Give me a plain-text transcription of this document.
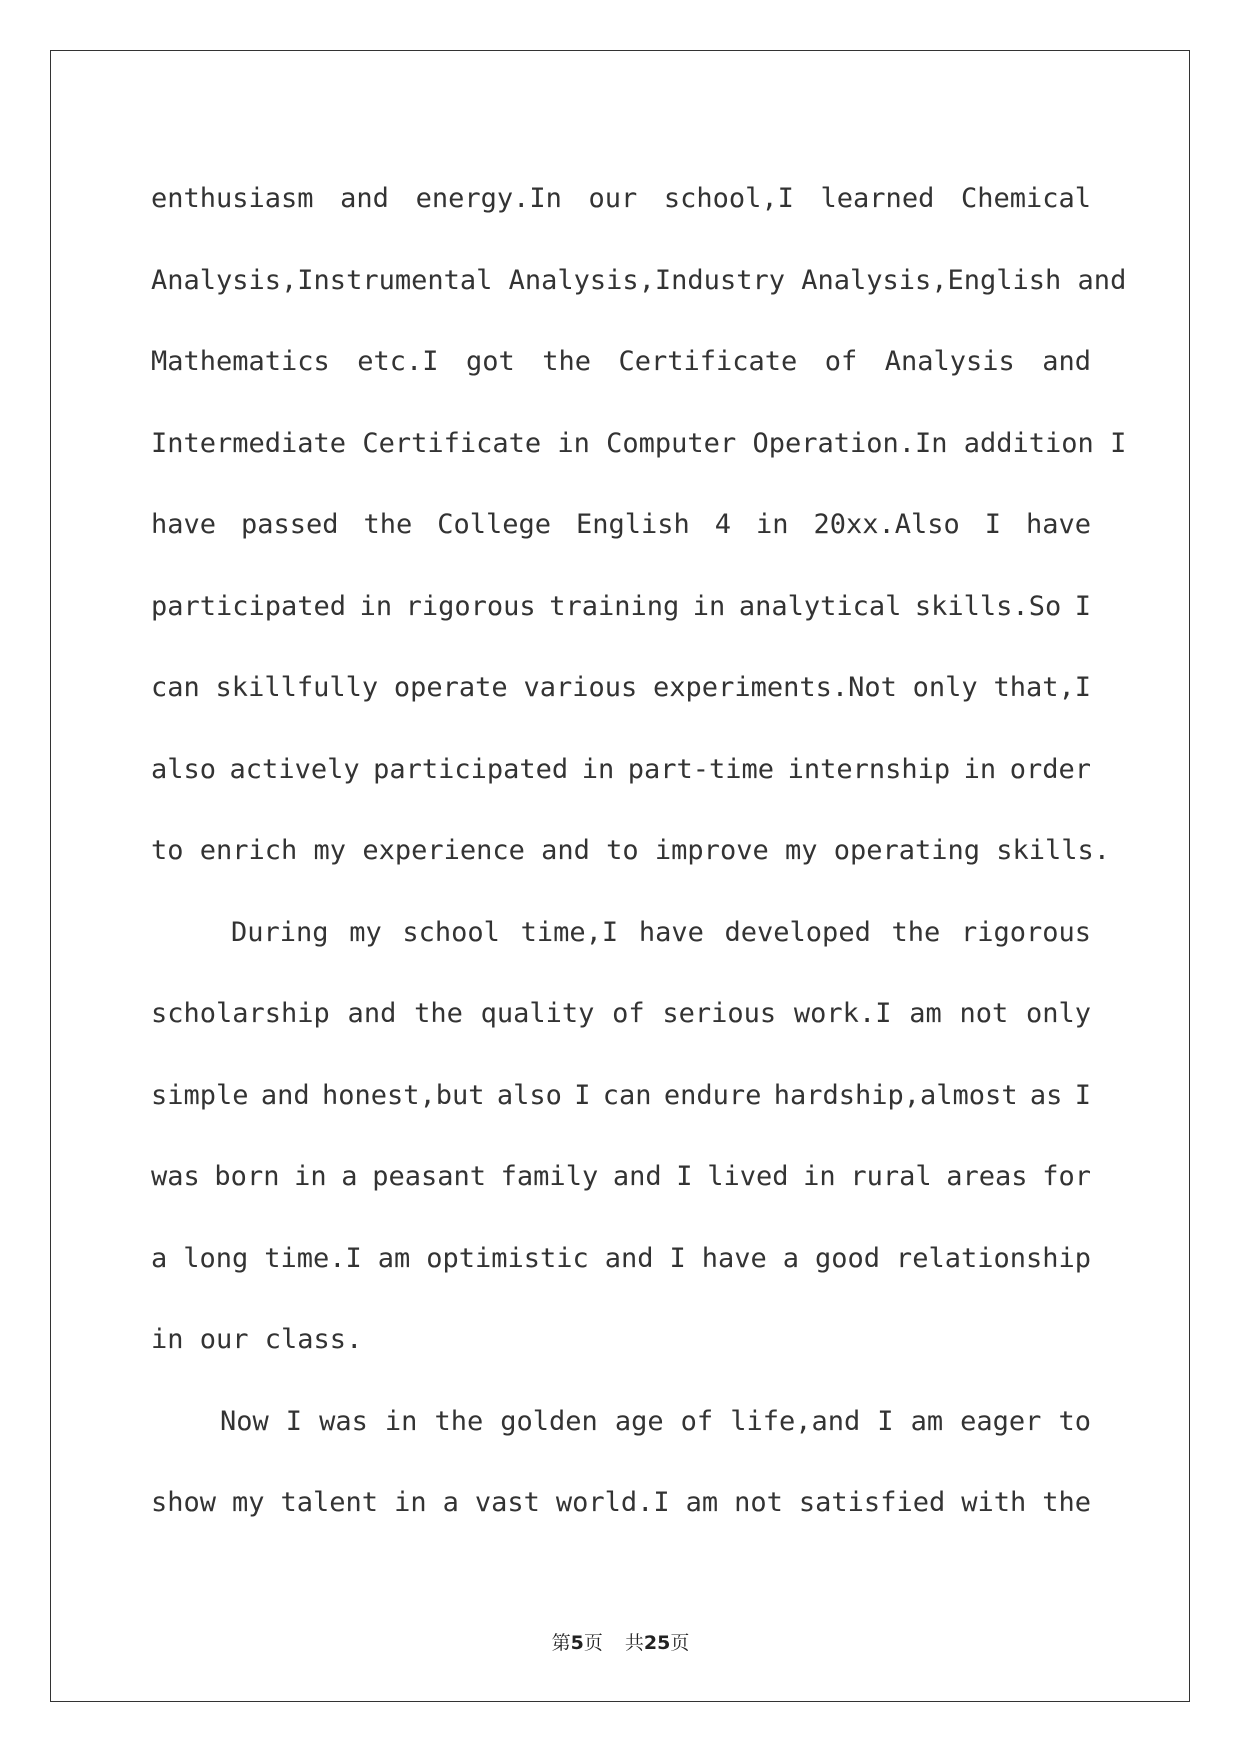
enthusiasm and energy.In our school,I learned Chemical
Analysis,Instrumental Analysis,Industry Analysis,English and
Mathematics etc.I got the Certificate of Analysis and
Intermediate Certificate in Computer Operation.In addition I
have passed the College English 4 in 20xx.Also I have
participated in rigorous training in analytical skills.So I
can skillfully operate various experiments.Not only that,I
also actively participated in part-time internship in order
to enrich my experience and to improve my operating skills.
During my school time,I have developed the rigorous
scholarship and the quality of serious work.I am not only
simple and honest,but also I can endure hardship,almost as I
was born in a peasant family and I lived in rural areas for
a long time.I am optimistic and I have a good relationship
in our class.
Now I was in the golden age of life,and I am eager to
show my talent in a vast world.I am not satisfied with the
第5页 共25页
